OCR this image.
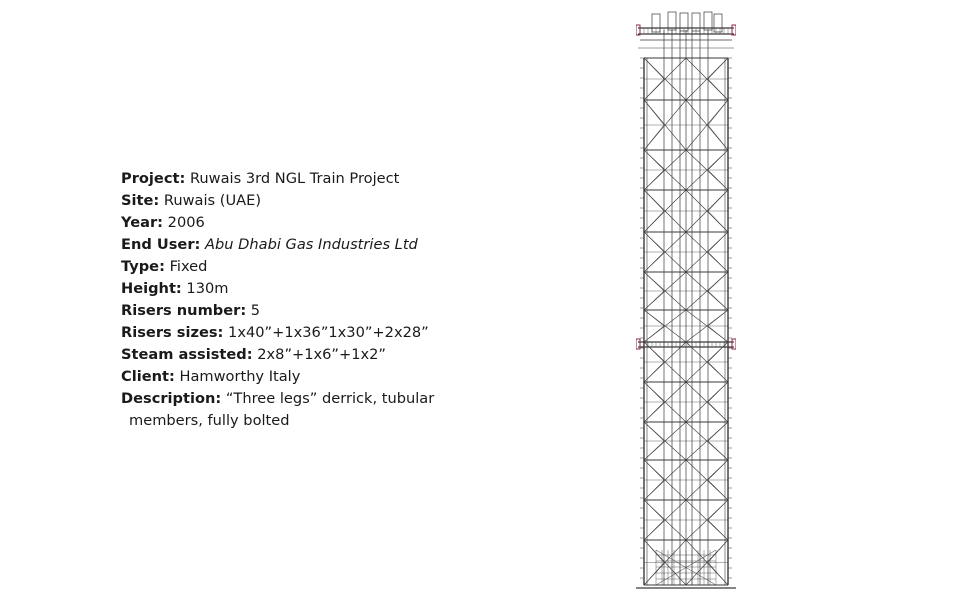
Project: Ruwais 3rd NGL Train Project
Site: Ruwais (UAE)
Year: 2006
End User: Abu Dhabi Gas Industries Ltd
Type: Fixed
Height: 130m
Risers number: 5
Risers sizes: 1x40”+1x36”1x30”+2x28”
Steam assisted: 2x8”+1x6”+1x2”
Client: Hamworthy Italy
Description: “Three legs” derrick, tubular
members, fully bolted
